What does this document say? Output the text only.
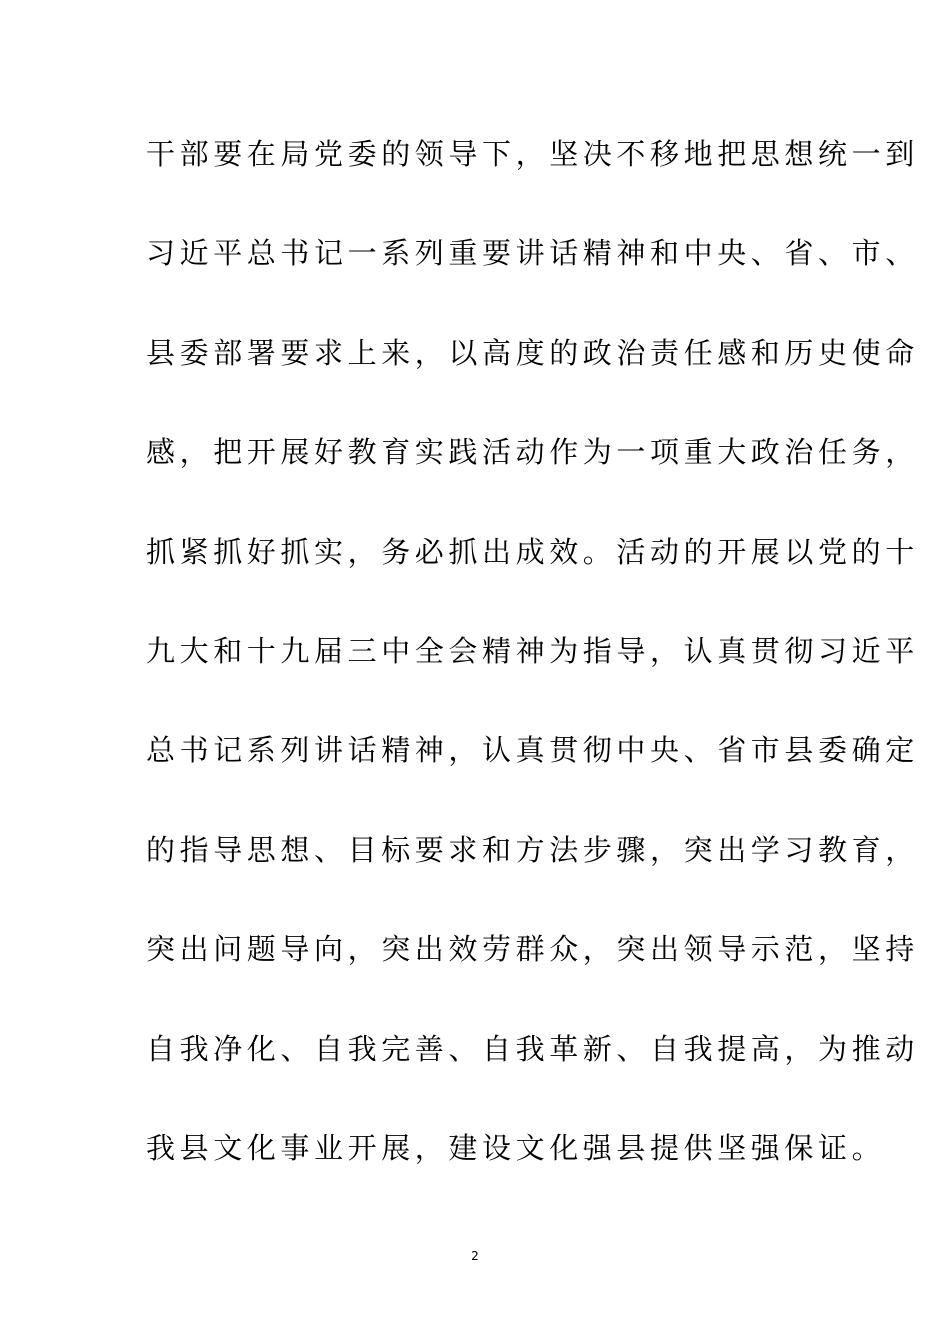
干部要在局党委的领导下，坚决不移地把思想统一到
习近平总书记一系列重要讲话精神和中央、省、市、
县委部署要求上来，以高度的政治责任感和历史使命
感，把开展好教育实践活动作为一项重大政治任务，
抓紧抓好抓实，务必抓出成效。活动的开展以党的十
九大和十九届三中全会精神为指导，认真贯彻习近平
总书记系列讲话精神，认真贯彻中央、省市县委确定
的指导思想、目标要求和方法步骤，突出学习教育，
突出问题导向，突出效劳群众，突出领导示范，坚持
自我净化、自我完善、自我革新、自我提高，为推动
我县文化事业开展，建设文化强县提供坚强保证。
2
